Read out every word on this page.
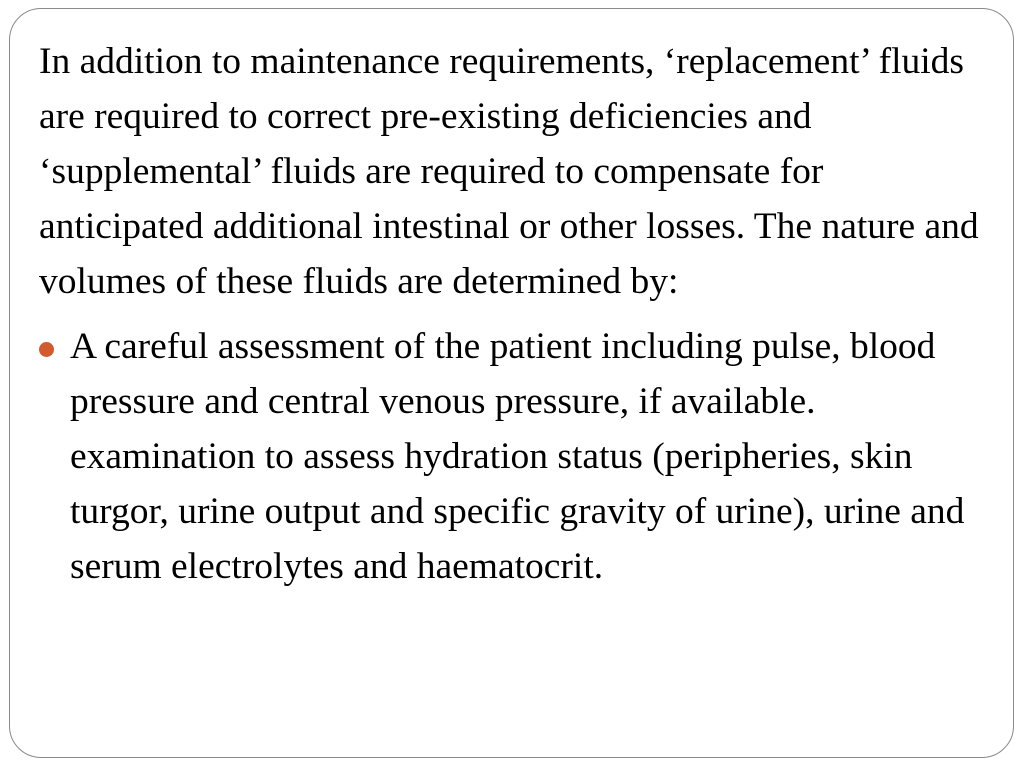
In addition to maintenance requirements, ‘replacement’ fluids are required to correct pre-existing deficiencies and ‘supplemental’ fluids are required to compensate for anticipated additional intestinal or other losses. The nature and volumes of these fluids are determined by:

A careful assessment of the patient including pulse, blood pressure and central venous pressure, if available. examination to assess hydration status (peripheries, skin turgor, urine output and specific gravity of urine), urine and serum electrolytes and haematocrit.
